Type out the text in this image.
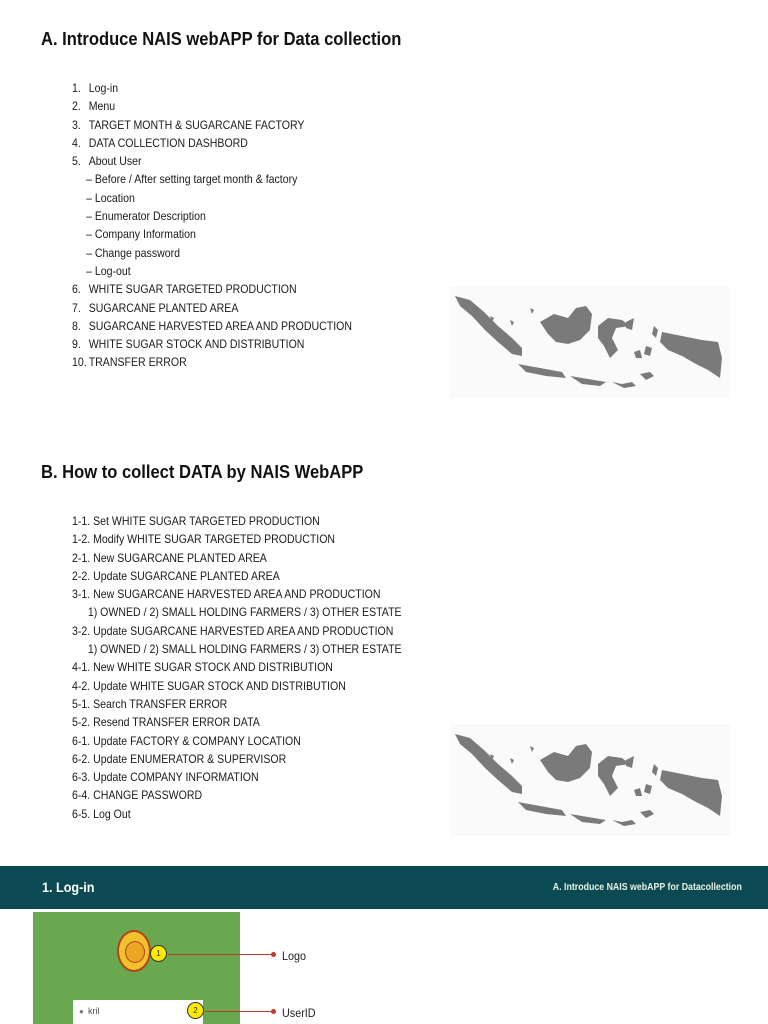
A. Introduce NAIS webAPP for Data collection
1. Log-in
2. Menu
3. TARGET MONTH & SUGARCANE FACTORY
4. DATA COLLECTION DASHBORD
5. About User
– Before / After setting target month & factory
– Location
– Enumerator Description
– Company Information
– Change password
– Log-out
6. WHITE SUGAR TARGETED PRODUCTION
7. SUGARCANE PLANTED AREA
8. SUGARCANE HARVESTED AREA AND PRODUCTION
9. WHITE SUGAR STOCK AND DISTRIBUTION
10. TRANSFER ERROR
B. How to collect DATA by NAIS WebAPP
1-1. Set WHITE SUGAR TARGETED PRODUCTION
1-2. Modify WHITE SUGAR TARGETED PRODUCTION
2-1. New SUGARCANE PLANTED AREA
2-2. Update SUGARCANE PLANTED AREA
3-1. New SUGARCANE HARVESTED AREA AND PRODUCTION
1) OWNED / 2) SMALL HOLDING FARMERS / 3) OTHER ESTATE
3-2. Update SUGARCANE HARVESTED AREA AND PRODUCTION
1) OWNED / 2) SMALL HOLDING FARMERS / 3) OTHER ESTATE
4-1. New WHITE SUGAR STOCK AND DISTRIBUTION
4-2. Update WHITE SUGAR STOCK AND DISTRIBUTION
5-1. Search TRANSFER ERROR
5-2. Resend TRANSFER ERROR DATA
6-1. Update FACTORY & COMPANY LOCATION
6-2. Update ENUMERATOR & SUPERVISOR
6-3. Update COMPANY INFORMATION
6-4. CHANGE PASSWORD
6-5. Log Out
1. Log-in	A. Introduce NAIS webAPP for Datacollection
1
● kril	2
Logo
UserID
